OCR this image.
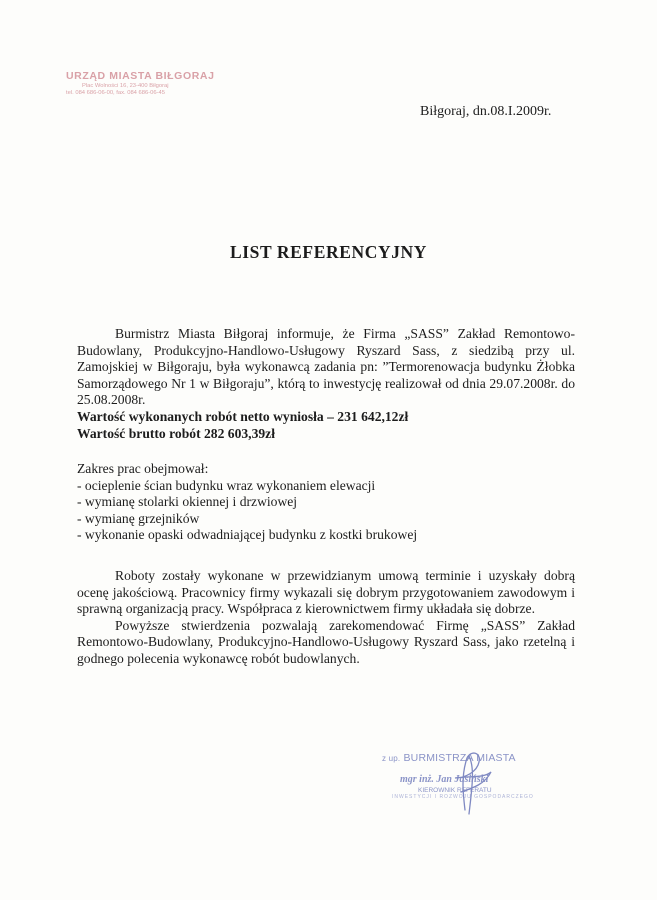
URZĄD MIASTA BIŁGORAJ
Plac Wolności 16, 23-400 Biłgoraj
tel. 084 686-06-00, fax. 084 686-06-45
Biłgoraj, dn.08.I.2009r.
LIST REFERENCYJNY
Burmistrz Miasta Biłgoraj informuje, że Firma „SASS” Zakład Remontowo-Budowlany, Produkcyjno-Handlowo-Usługowy Ryszard Sass, z siedzibą przy ul. Zamojskiej w Biłgoraju, była wykonawcą zadania pn: ”Termorenowacja budynku Żłobka Samorządowego Nr 1 w Biłgoraju”, którą to inwestycję realizował od dnia 29.07.2008r. do 25.08.2008r.
Wartość wykonanych robót netto wyniosła – 231 642,12zł
Wartość brutto robót 282 603,39zł
Zakres prac obejmował:
- ocieplenie ścian budynku wraz wykonaniem elewacji
- wymianę stolarki okiennej i drzwiowej
- wymianę grzejników
- wykonanie opaski odwadniającej budynku z kostki brukowej
Roboty zostały wykonane w przewidzianym umową terminie i uzyskały dobrą ocenę jakościową. Pracownicy firmy wykazali się dobrym przygotowaniem zawodowym i sprawną organizacją pracy. Współpraca z kierownictwem firmy układała się dobrze.
Powyższe stwierdzenia pozwalają zarekomendować Firmę „SASS” Zakład Remontowo-Budowlany, Produkcyjno-Handlowo-Usługowy Ryszard Sass, jako rzetelną i godnego polecenia wykonawcę robót budowlanych.
z up. BURMISTRZA MIASTA
mgr inż. Jan Jaśiński
KIEROWNIK REFERATU
INWESTYCJI I ROZWOJU GOSPODARCZEGO
